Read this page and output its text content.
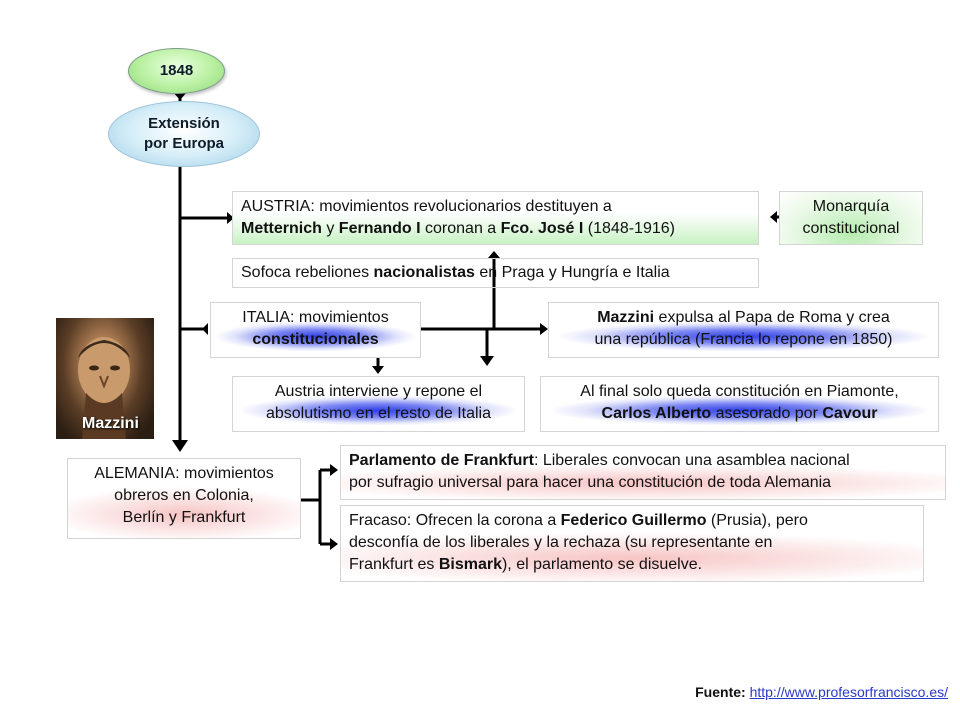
1848
Extensión
por Europa
AUSTRIA: movimientos revolucionarios destituyen a
Metternich y Fernando I coronan a Fco. José I (1848-1916)
Monarquía
constitucional
Sofoca rebeliones nacionalistas en Praga y Hungría e Italia
ITALIA: movimientos
constitucionales
Mazzini expulsa al Papa de Roma y crea
una república (Francia lo repone en 1850)
Austria interviene y repone el
absolutismo en el resto de Italia
Al final solo queda constitución en Piamonte,
Carlos Alberto asesorado por Cavour
Mazzini
ALEMANIA: movimientos
obreros en Colonia,
Berlín y Frankfurt
Parlamento de Frankfurt: Liberales convocan una asamblea nacional
por sufragio universal para hacer una constitución de toda Alemania
Fracaso: Ofrecen la corona a Federico Guillermo (Prusia), pero
desconfía de los liberales y la rechaza (su representante en
Frankfurt es Bismark), el parlamento se disuelve.
Fuente: http://www.profesorfrancisco.es/
